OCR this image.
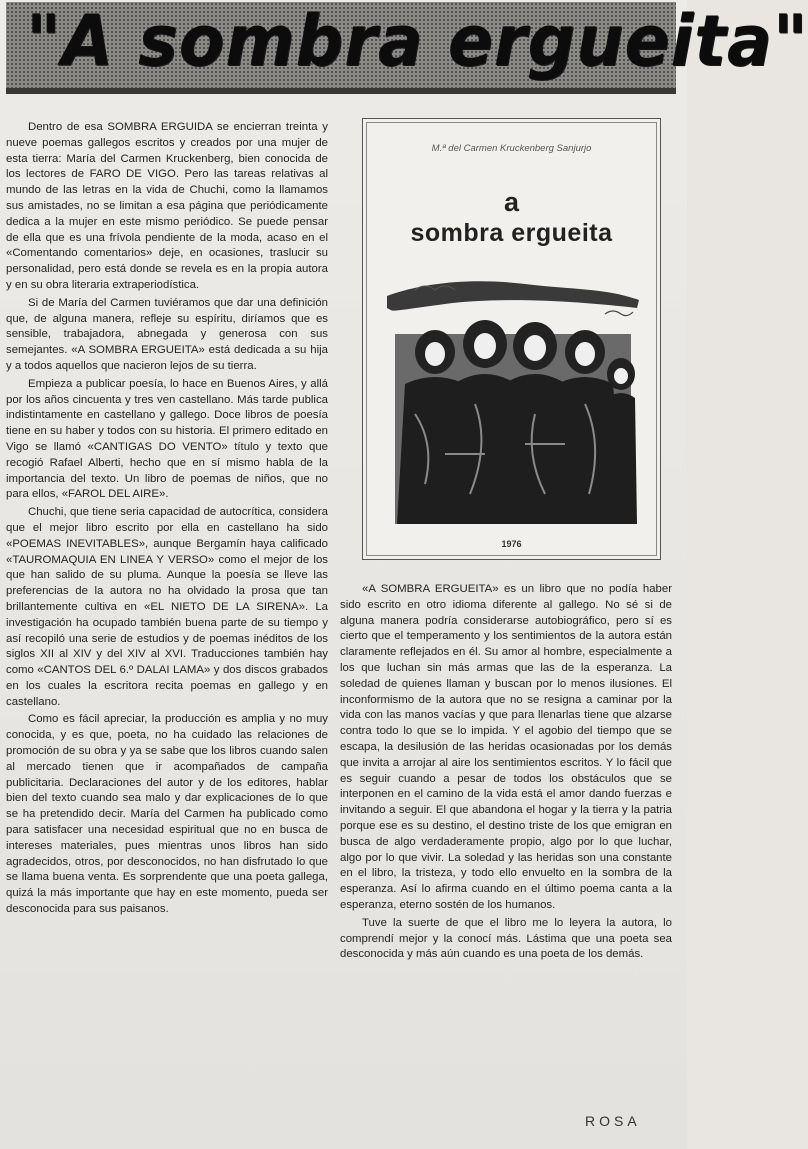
"A sombra ergueita"

Dentro de esa SOMBRA ERGUIDA se encierran treinta y nueve poemas gallegos escritos y creados por una mujer de esta tierra: María del Carmen Kruckenberg, bien conocida de los lectores de FARO DE VIGO. Pero las tareas relativas al mundo de las letras en la vida de Chuchi, como la llamamos sus amistades, no se limitan a esa página que periódicamente dedica a la mujer en este mismo periódico. Se puede pensar de ella que es una frívola pendiente de la moda, acaso en el «Comentando comentarios» deje, en ocasiones, traslucir su personalidad, pero está donde se revela es en la propia autora y en su obra literaria extraperiodística.

Si de María del Carmen tuviéramos que dar una definición que, de alguna manera, refleje su espíritu, diríamos que es sensible, trabajadora, abnegada y generosa con sus semejantes. «A SOMBRA ERGUEITA» está dedicada a su hija y a todos aquellos que nacieron lejos de su tierra.

Empieza a publicar poesía, lo hace en Buenos Aires, y allá por los años cincuenta y tres ven castellano. Más tarde publica indistintamente en castellano y gallego. Doce libros de poesía tiene en su haber y todos con su historia. El primero editado en Vigo se llamó «CANTIGAS DO VENTO» título y texto que recogió Rafael Alberti, hecho que en sí mismo habla de la importancia del texto. Un libro de poemas de niños, que no para ellos, «FAROL DEL AIRE».

Chuchi, que tiene seria capacidad de autocrítica, considera que el mejor libro escrito por ella en castellano ha sido «POEMAS INEVITABLES», aunque Bergamín haya calificado «TAUROMAQUIA EN LINEA Y VERSO» como el mejor de los que han salido de su pluma. Aunque la poesía se lleve las preferencias de la autora no ha olvidado la prosa que tan brillantemente cultiva en «EL NIETO DE LA SIRENA». La investigación ha ocupado también buena parte de su tiempo y así recopiló una serie de estudios y de poemas inéditos de los siglos XII al XIV y del XIV al XVI. Traducciones también hay como «CANTOS DEL 6.º DALAI LAMA» y dos discos grabados en los cuales la escritora recita poemas en gallego y en castellano.

Como es fácil apreciar, la producción es amplia y no muy conocida, y es que, poeta, no ha cuidado las relaciones de promoción de su obra y ya se sabe que los libros cuando salen al mercado tienen que ir acompañados de campaña publicitaria. Declaraciones del autor y de los editores, hablar bien del texto cuando sea malo y dar explicaciones de lo que se ha pretendido decir. María del Carmen ha publicado como para satisfacer una necesidad espiritual que no en busca de intereses materiales, pues mientras unos libros han sido agradecidos, otros, por desconocidos, no han disfrutado lo que se llama buena venta. Es sorprendente que una poeta gallega, quizá la más importante que hay en este momento, pueda ser desconocida para sus paisanos.

M.ª del Carmen Kruckenberg Sanjurjo
a
sombra ergueita
1976

«A SOMBRA ERGUEITA» es un libro que no podía haber sido escrito en otro idioma diferente al gallego. No sé si de alguna manera podría considerarse autobiográfico, pero sí es cierto que el temperamento y los sentimientos de la autora están claramente reflejados en él. Su amor al hombre, especialmente a los que luchan sin más armas que las de la esperanza. La soledad de quienes llaman y buscan por lo menos ilusiones. El inconformismo de la autora que no se resigna a caminar por la vida con las manos vacías y que para llenarlas tiene que alzarse contra todo lo que se lo impida. Y el agobio del tiempo que se escapa, la desilusión de las heridas ocasionadas por los demás que invita a arrojar al aire los sentimientos escritos. Y lo fácil que es seguir cuando a pesar de todos los obstáculos que se interponen en el camino de la vida está el amor dando fuerzas e invitando a seguir. El que abandona el hogar y la tierra y la patria porque ese es su destino, el destino triste de los que emigran en busca de algo verdaderamente propio, algo por lo que luchar, algo por lo que vivir. La soledad y las heridas son una constante en el libro, la tristeza, y todo ello envuelto en la sombra de la esperanza. Así lo afirma cuando en el último poema canta a la esperanza, eterno sostén de los humanos.

Tuve la suerte de que el libro me lo leyera la autora, lo comprendí mejor y la conocí más. Lástima que una poeta sea desconocida y más aún cuando es una poeta de los demás.

ROSA
